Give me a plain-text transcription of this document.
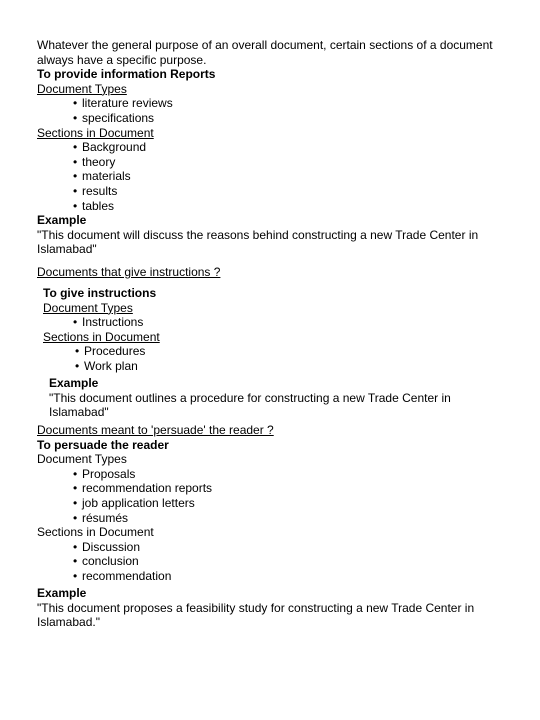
Whatever the general purpose of an overall document, certain sections of a document always have a specific purpose.

To provide information Reports

Document Types

• literature reviews
• specifications

Sections in Document

• Background
• theory
• materials
• results
• tables

Example

"This document will discuss the reasons behind constructing a new Trade Center in Islamabad"

Documents that give instructions ?

To give instructions

Document Types

• Instructions

Sections in Document

• Procedures
• Work plan

Example

"This document outlines a procedure for constructing a new Trade Center in Islamabad"

Documents meant to 'persuade' the reader ?

To persuade the reader

Document Types

• Proposals
• recommendation reports
• job application letters
• résumés

Sections in Document

• Discussion
• conclusion
• recommendation

Example

"This document proposes a feasibility study for constructing a new Trade Center in Islamabad."
